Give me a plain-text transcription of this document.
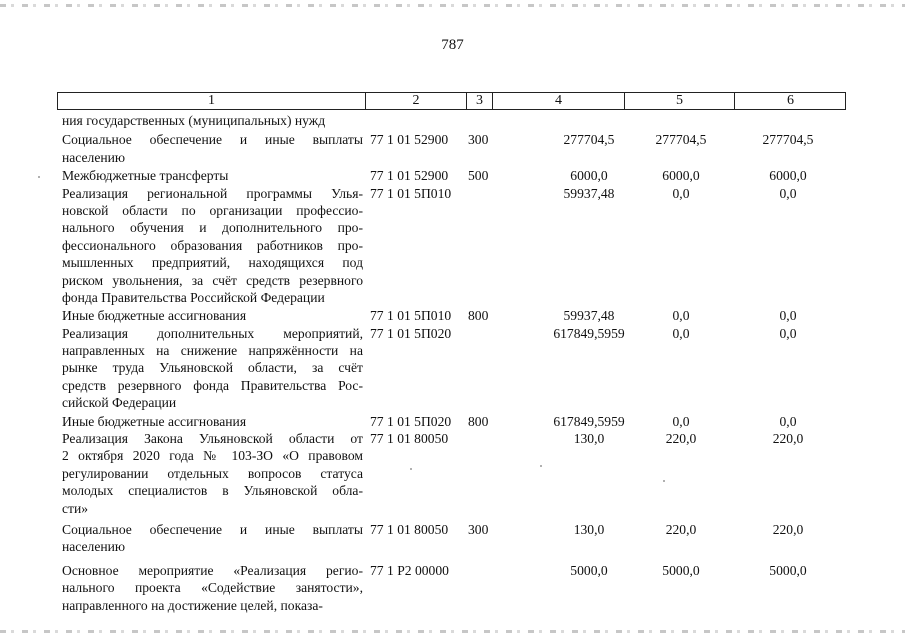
787
1	2	3	4	5	6
ния государственных (муниципальных) нужд
Социальное обеспечение и иные выплаты
населению
77 1 01 52900 300	277704,5	277704,5	277704,5
Межбюджетные трансферты	77 1 01 52900 500	6000,0	6000,0	6000,0
Реализация региональной программы Улья-
новской области по организации профессио-
нального обучения и дополнительного про-
фессионального образования работников про-
мышленных предприятий, находящихся под
риском увольнения, за счёт средств резервного
фонда Правительства Российской Федерации
77 1 01 5П010	59937,48	0,0	0,0
Иные бюджетные ассигнования	77 1 01 5П010 800	59937,48	0,0	0,0
Реализация дополнительных мероприятий,
направленных на снижение напряжённости на
рынке труда Ульяновской области, за счёт
средств резервного фонда Правительства Рос-
сийской Федерации
77 1 01 5П020	617849,5959	0,0	0,0
Иные бюджетные ассигнования	77 1 01 5П020 800	617849,5959	0,0	0,0
Реализация Закона Ульяновской области от
2 октября 2020 года № 103-ЗО «О правовом
регулировании отдельных вопросов статуса
молодых специалистов в Ульяновской обла-
сти»
77 1 01 80050	130,0	220,0	220,0
Социальное обеспечение и иные выплаты
населению
77 1 01 80050 300	130,0	220,0	220,0
Основное мероприятие «Реализация регио-
нального проекта «Содействие занятости»,
направленного на достижение целей, показа-
77 1 Р2 00000	5000,0	5000,0	5000,0
